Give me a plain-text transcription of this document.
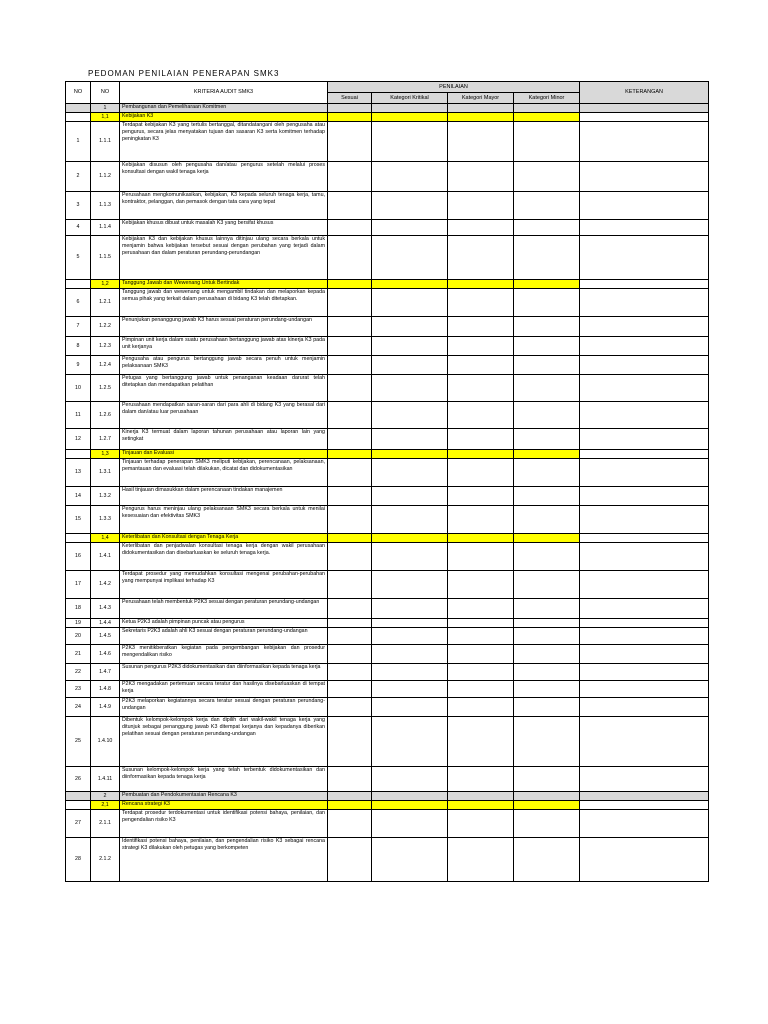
PEDOMAN PENILAIAN PENERAPAN SMK3
NO	NO	KRITERIA AUDIT SMK3	PENILAIAN				KETERANGAN
			Sesuai	Kategori Kritikal	Kategori Mayor	Kategori Minor	
	1	Pembangunan dan Pemeliharaan Komitmen					
	1,1	Kebijakan K3					
1	1.1.1	Terdapat kebijakan K3 yang tertulis bertanggal, ditandatangani oleh pengusaha atau pengurus, secara jelas menyatakan tujuan dan sasaran K3 serta komitmen terhadap peningkatan K3					
2	1.1.2	Kebijakan disusun oleh pengusaha dan/atau pengurus setelah melalui proses konsultasi dengan wakil tenaga kerja					
3	1.1.3	Perusahaan mengkomunikasikan, kebijakan, K3 kepada seluruh tenaga kerja, tamu, kontraktor, pelanggan, dan pemasok dengan tata cara yang tepat					
4	1.1.4	Kebijakan khusus dibuat untuk masalah K3 yang bersifat khusus					
5	1.1.5	Kebijakan K3 dan kebijakan khusus lainnya ditinjau ulang secara berkala untuk menjamin bahwa kebijakan tersebut sesuai dengan perubahan yang terjadi dalam perusahaan dan dalam peraturan perundang-perundangan					
	1,2	Tanggung Jawab dan Wewenang Untuk Bertindak					
6	1.2.1	Tanggung jawab dan wewenang untuk mengambil tindakan dan melaporkan kepada semua pihak yang terkait dalam perusahaan di bidang K3 telah ditetapkan.					
7	1.2.2	Penunjukan penanggung jawab K3 harus sesuai peraturan perundang-undangan					
8	1.2.3	Pimpinan unit kerja dalam suatu perusahaan bertanggung jawab atas kinerja K3 pada unit kerjanya					
9	1.2.4	Pengusaha atau pengurus bertanggung jawab secara penuh untuk menjamin pelaksanaan SMK3					
10	1.2.5	Petugas yang bertanggung jawab untuk penanganan keadaan darurat telah ditetapkan dan mendapatkan pelatihan					
11	1.2.6	Perusahaan mendapatkan saran-saran dari para ahli di bidang K3 yang berasal dari dalam dan/atau luar perusahaan					
12	1.2.7	Kinerja K3 termuat dalam laporan tahunan perusahaan atau laporan lain yang setingkat					
	1,3	Tinjauan dan Evaluasi					
13	1.3.1	Tinjauan terhadap penerapan SMK3 meliputi kebijakan, perencanaan, pelaksanaan, pemantauan dan evaluasi telah dilakukan, dicatat dan didokumentasikan					
14	1.3.2	Hasil tinjauan dimasukkan dalam perencanaan tindakan manajemen					
15	1.3.3	Pengurus harus meninjau ulang pelaksanaan SMK3 secara berkala untuk menilai kesesuaian dan efektivitas SMK3					
	1,4	Keterlibatan dan Konsultasi dengan Tenaga Kerja					
16	1.4.1	Keterlibatan dan penjadwalan konsultasi tenaga kerja dengan wakil perusahaan didokumentasikan dan disebarluaskan ke seluruh tenaga kerja.					
17	1.4.2	Terdapat prosedur yang memudahkan konsultasi mengenai perubahan-perubahan yang mempunyai implikasi terhadap K3					
18	1.4.3	Perusahaan telah membentuk P2K3 sesuai dengan peraturan perundang-undangan					
19	1.4.4	Ketua P2K3 adalah pimpinan puncak atau pengurus					
20	1.4.5	Sekretaris P2K3 adalah ahli K3 sesuai dengan peraturan perundang-undangan					
21	1.4.6	P2K3 menitikberatkan kegiatan pada pengembangan kebijakan dan prosedur mengendalikan risiko					
22	1.4.7	Susunan pengurus P2K3 didokumentasikan dan diinformasikan kepada tenaga kerja					
23	1.4.8	P2K3 mengadakan pertemuan secara teratur dan hasilnya disebarluaskan di tempat kerja					
24	1.4.9	P2K3 melaporkan kegiatannya secara teratur sesuai dengan peraturan perundang-undangan					
25	1.4.10	Dibentuk kelompok-kelompok kerja dan dipilih dari wakil-wakil tenaga kerja yang ditunjuk sebagai penanggung jawab K3 ditempat kerjanya dan kepadanya diberikan pelatihan sesuai dengan peraturan perundang-undangan					
26	1.4.11	Susunan kelompok-kelompok kerja yang telah terbentuk didokumentasikan dan diinformasikan kepada tenaga kerja					
	2	Pembuatan dan Pendokumentasian Rencana K3					
	2,1	Rencana strategi K3					
27	2.1.1	Terdapat prosedur terdokumentasi untuk identifikasi potensi bahaya, penilaian, dan pengendalian risiko K3					
28	2.1.2	Identifikasi potensi bahaya, penilaian, dan pengendalian risiko K3 sebagai rencana strategi K3 dilakukan oleh petugas yang berkompeten					
